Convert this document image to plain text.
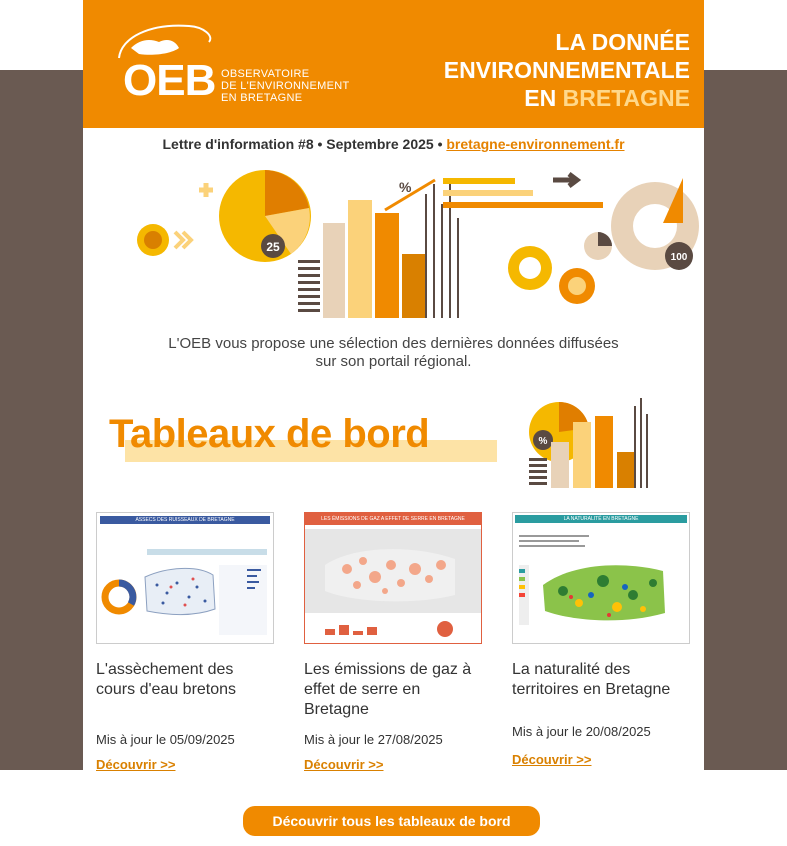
OEB OBSERVATOIRE
DE L'ENVIRONNEMENT
EN BRETAGNE
LA DONNÉE
ENVIRONNEMENTALE
EN BRETAGNE
Lettre d'information #8 • Septembre 2025 • bretagne-environnement.fr
25
%
100
L'OEB vous propose une sélection des dernières données diffusées
sur son portail régional.
Tableaux de bord	%
ASSECS DES RUISSEAUX DE BRETAGNE
L'assèchement des
cours d'eau bretons
Mis à jour le 05/09/2025
Découvrir >>
LES ÉMISSIONS DE GAZ A EFFET DE SERRE EN BRETAGNE
Les émissions de gaz à
effet de serre en
Bretagne
Mis à jour le 27/08/2025
Découvrir >>
LA NATURALITÉ EN BRETAGNE
La naturalité des
territoires en Bretagne
Mis à jour le 20/08/2025
Découvrir >>
Découvrir tous les tableaux de bord
